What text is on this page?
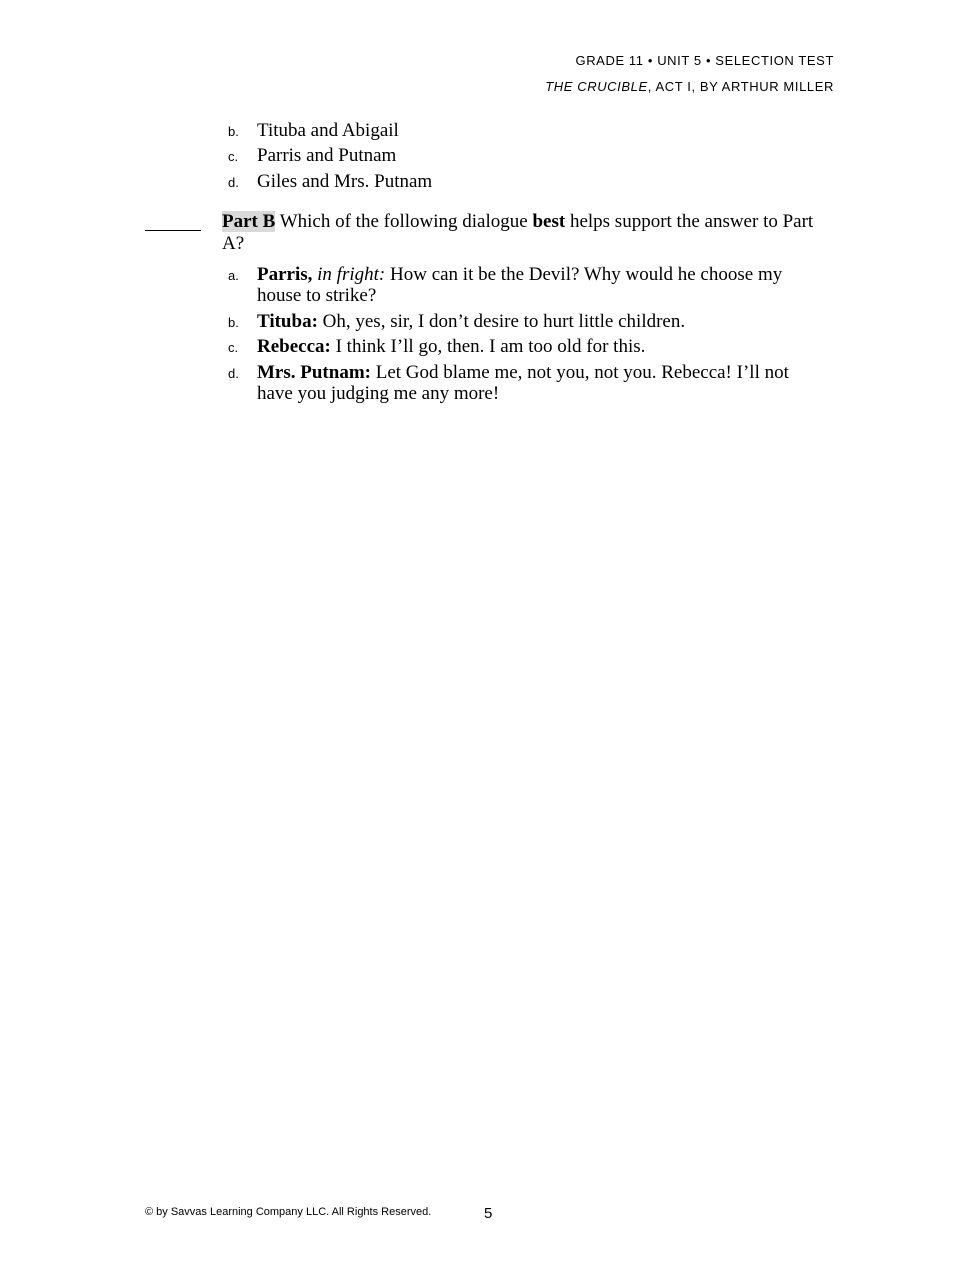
GRADE 11 • UNIT 5 • SELECTION TEST
THE CRUCIBLE, ACT I, BY ARTHUR MILLER
b. Tituba and Abigail
c. Parris and Putnam
d. Giles and Mrs. Putnam
Part B Which of the following dialogue best helps support the answer to Part A?
a. Parris, in fright: How can it be the Devil? Why would he choose my house to strike?
b. Tituba: Oh, yes, sir, I don’t desire to hurt little children.
c. Rebecca: I think I’ll go, then. I am too old for this.
d. Mrs. Putnam: Let God blame me, not you, not you. Rebecca! I’ll not have you judging me any more!
© by Savvas Learning Company LLC. All Rights Reserved.	5
